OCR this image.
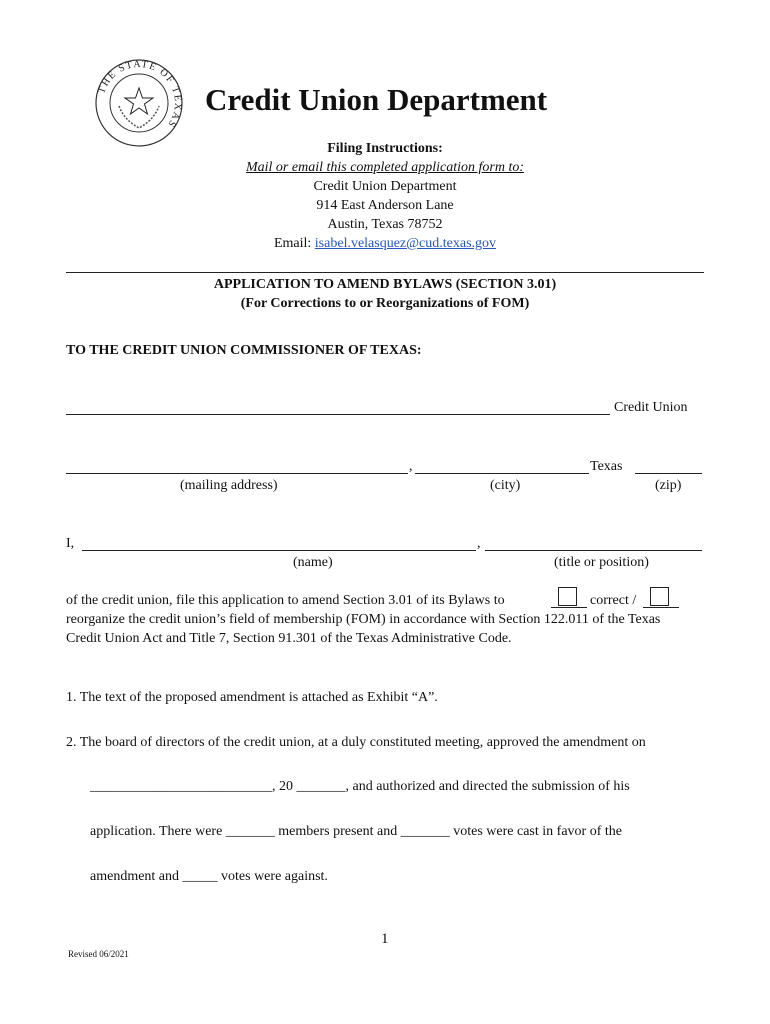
THE STATE OF TEXAS
Credit Union Department
Filing Instructions:
Mail or email this completed application form to:
Credit Union Department
914 East Anderson Lane
Austin, Texas 78752
Email: isabel.velasquez@cud.texas.gov
APPLICATION TO AMEND BYLAWS (SECTION 3.01)
(For Corrections to or Reorganizations of FOM)
TO THE CREDIT UNION COMMISSIONER OF TEXAS:
Credit Union
,	Texas
(mailing address)	(city)	(zip)
I,	,
(name)	(title or position)
of the credit union, file this application to amend Section 3.01 of its Bylaws to	correct /
reorganize the credit union’s field of membership (FOM) in accordance with Section 122.011 of the Texas
Credit Union Act and Title 7, Section 91.301 of the Texas Administrative Code.
1. The text of the proposed amendment is attached as Exhibit “A”.
2. The board of directors of the credit union, at a duly constituted meeting, approved the amendment on
__________________________, 20 _______, and authorized and directed the submission of his
application. There were _______ members present and _______ votes were cast in favor of the
amendment and _____ votes were against.
1
Revised 06/2021
